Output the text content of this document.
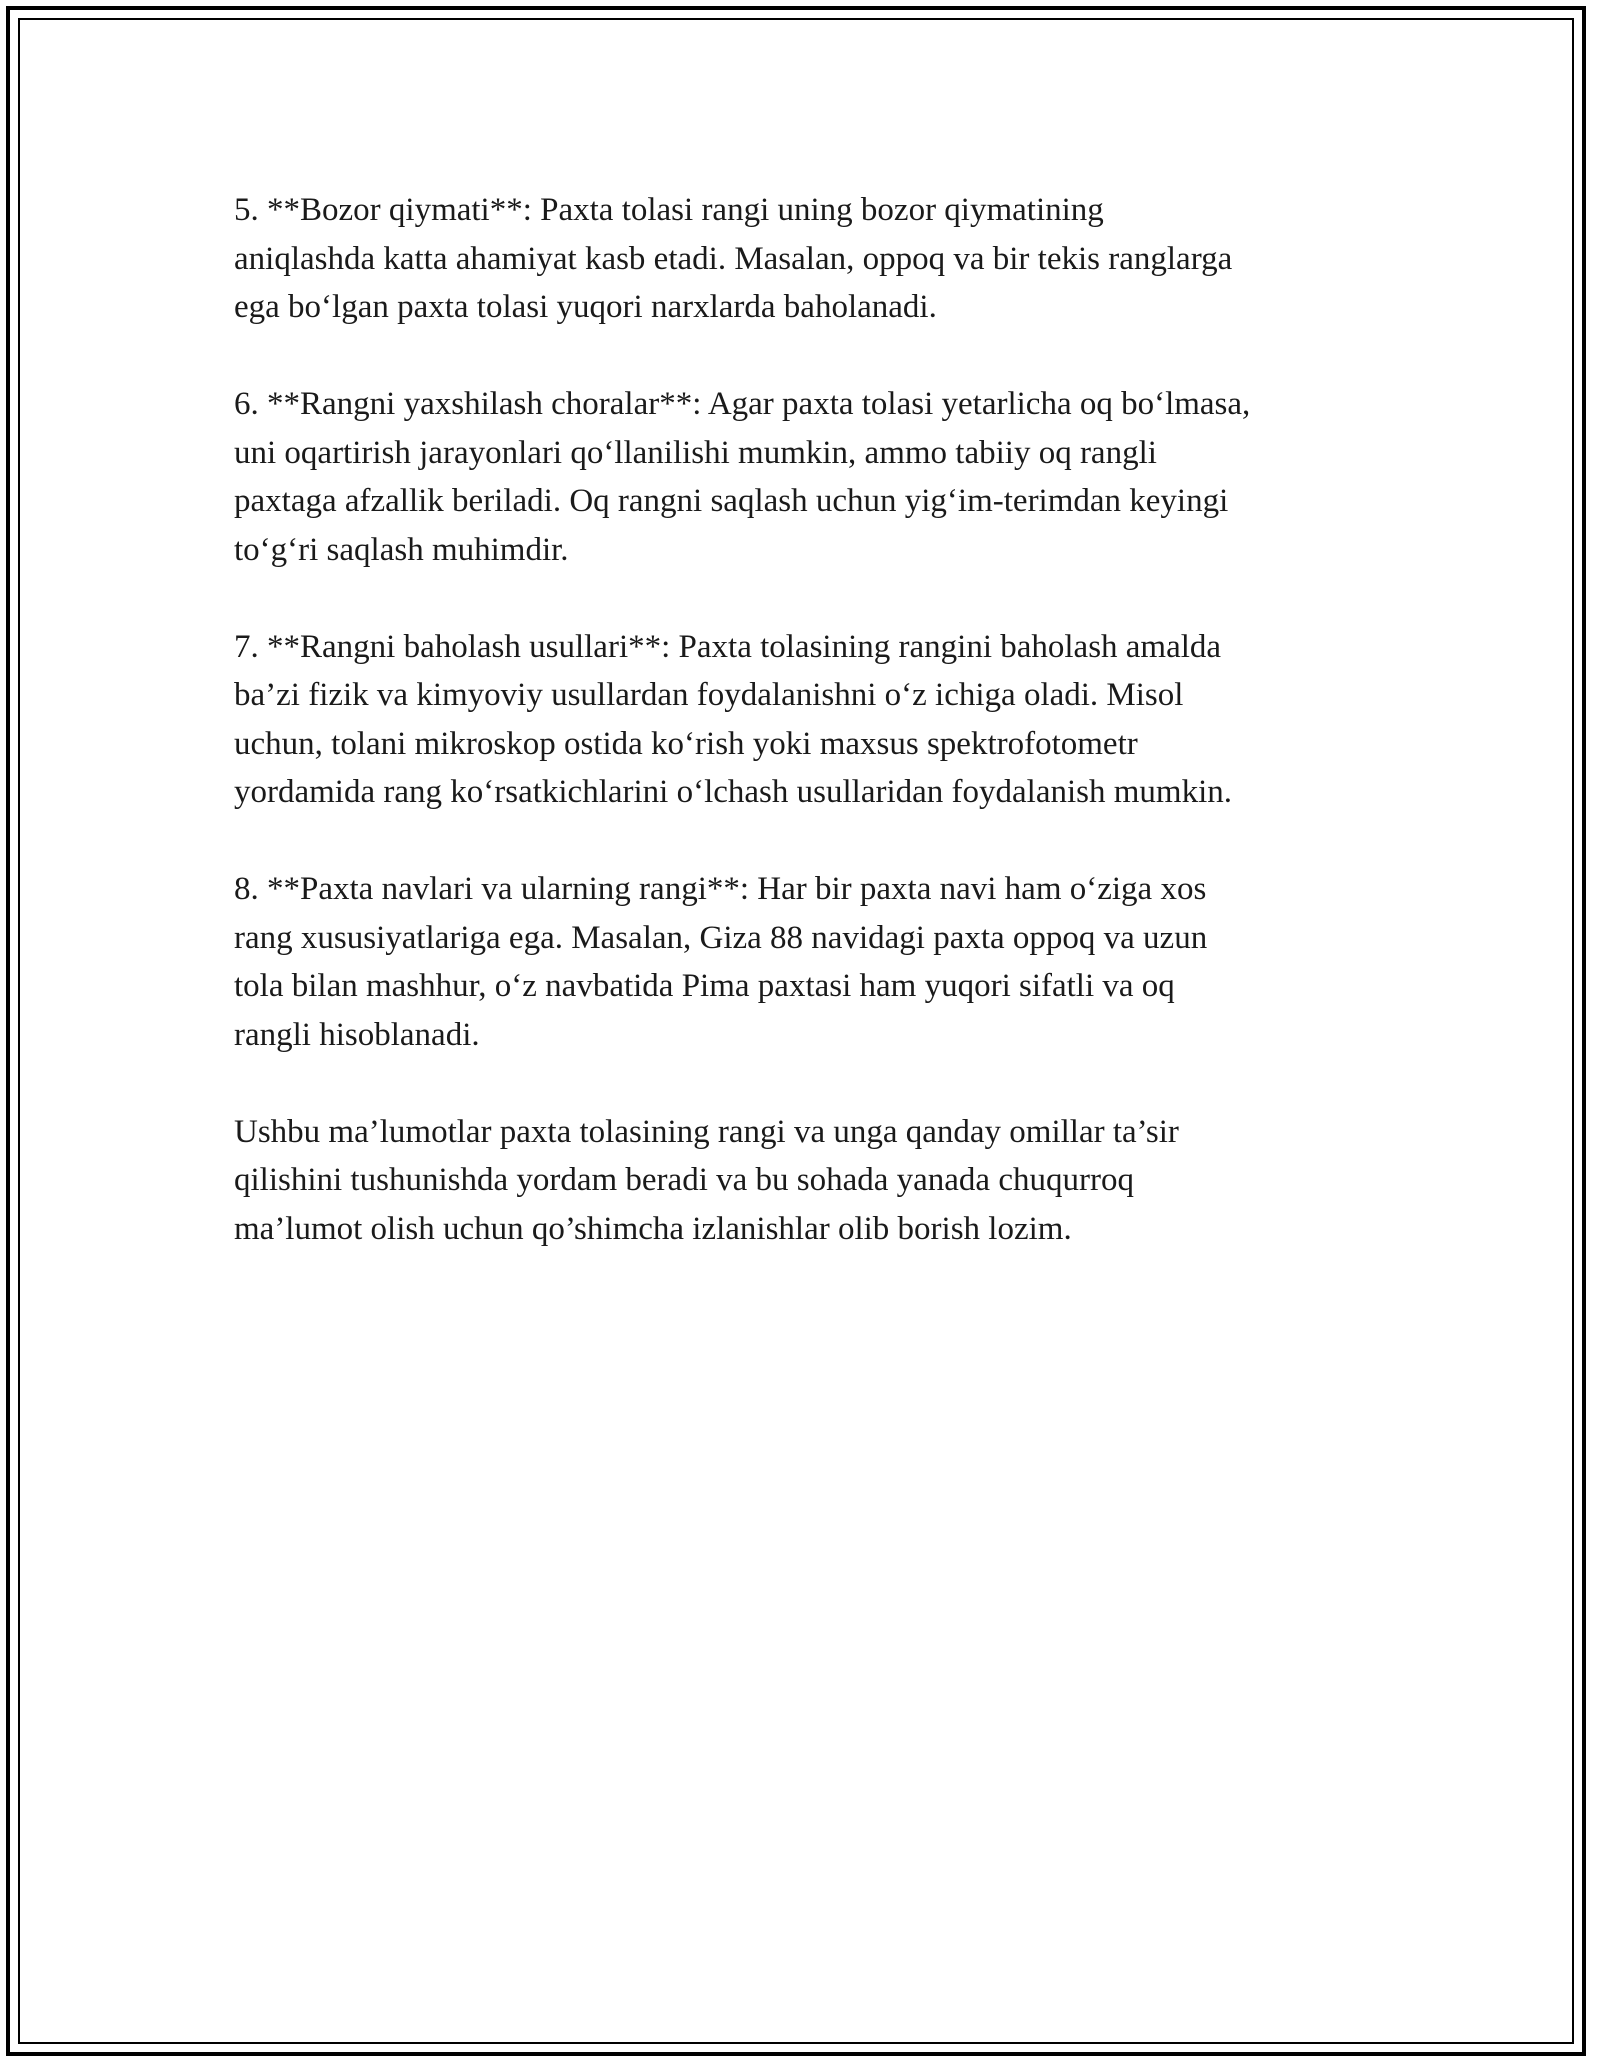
5. **Bozor qiymati**: Paxta tolasi rangi uning bozor qiymatining
aniqlashda katta ahamiyat kasb etadi. Masalan, oppoq va bir tekis ranglarga
ega bo‘lgan paxta tolasi yuqori narxlarda baholanadi.

6. **Rangni yaxshilash choralar**: Agar paxta tolasi yetarlicha oq bo‘lmasa,
uni oqartirish jarayonlari qo‘llanilishi mumkin, ammo tabiiy oq rangli
paxtaga afzallik beriladi. Oq rangni saqlash uchun yig‘im-terimdan keyingi
to‘g‘ri saqlash muhimdir.

7. **Rangni baholash usullari**: Paxta tolasining rangini baholash amalda
ba’zi fizik va kimyoviy usullardan foydalanishni o‘z ichiga oladi. Misol
uchun, tolani mikroskop ostida ko‘rish yoki maxsus spektrofotometr
yordamida rang ko‘rsatkichlarini o‘lchash usullaridan foydalanish mumkin.

8. **Paxta navlari va ularning rangi**: Har bir paxta navi ham o‘ziga xos
rang xususiyatlariga ega. Masalan, Giza 88 navidagi paxta oppoq va uzun
tola bilan mashhur, o‘z navbatida Pima paxtasi ham yuqori sifatli va oq
rangli hisoblanadi.

Ushbu ma’lumotlar paxta tolasining rangi va unga qanday omillar ta’sir
qilishini tushunishda yordam beradi va bu sohada yanada chuqurroq
ma’lumot olish uchun qo’shimcha izlanishlar olib borish lozim.
